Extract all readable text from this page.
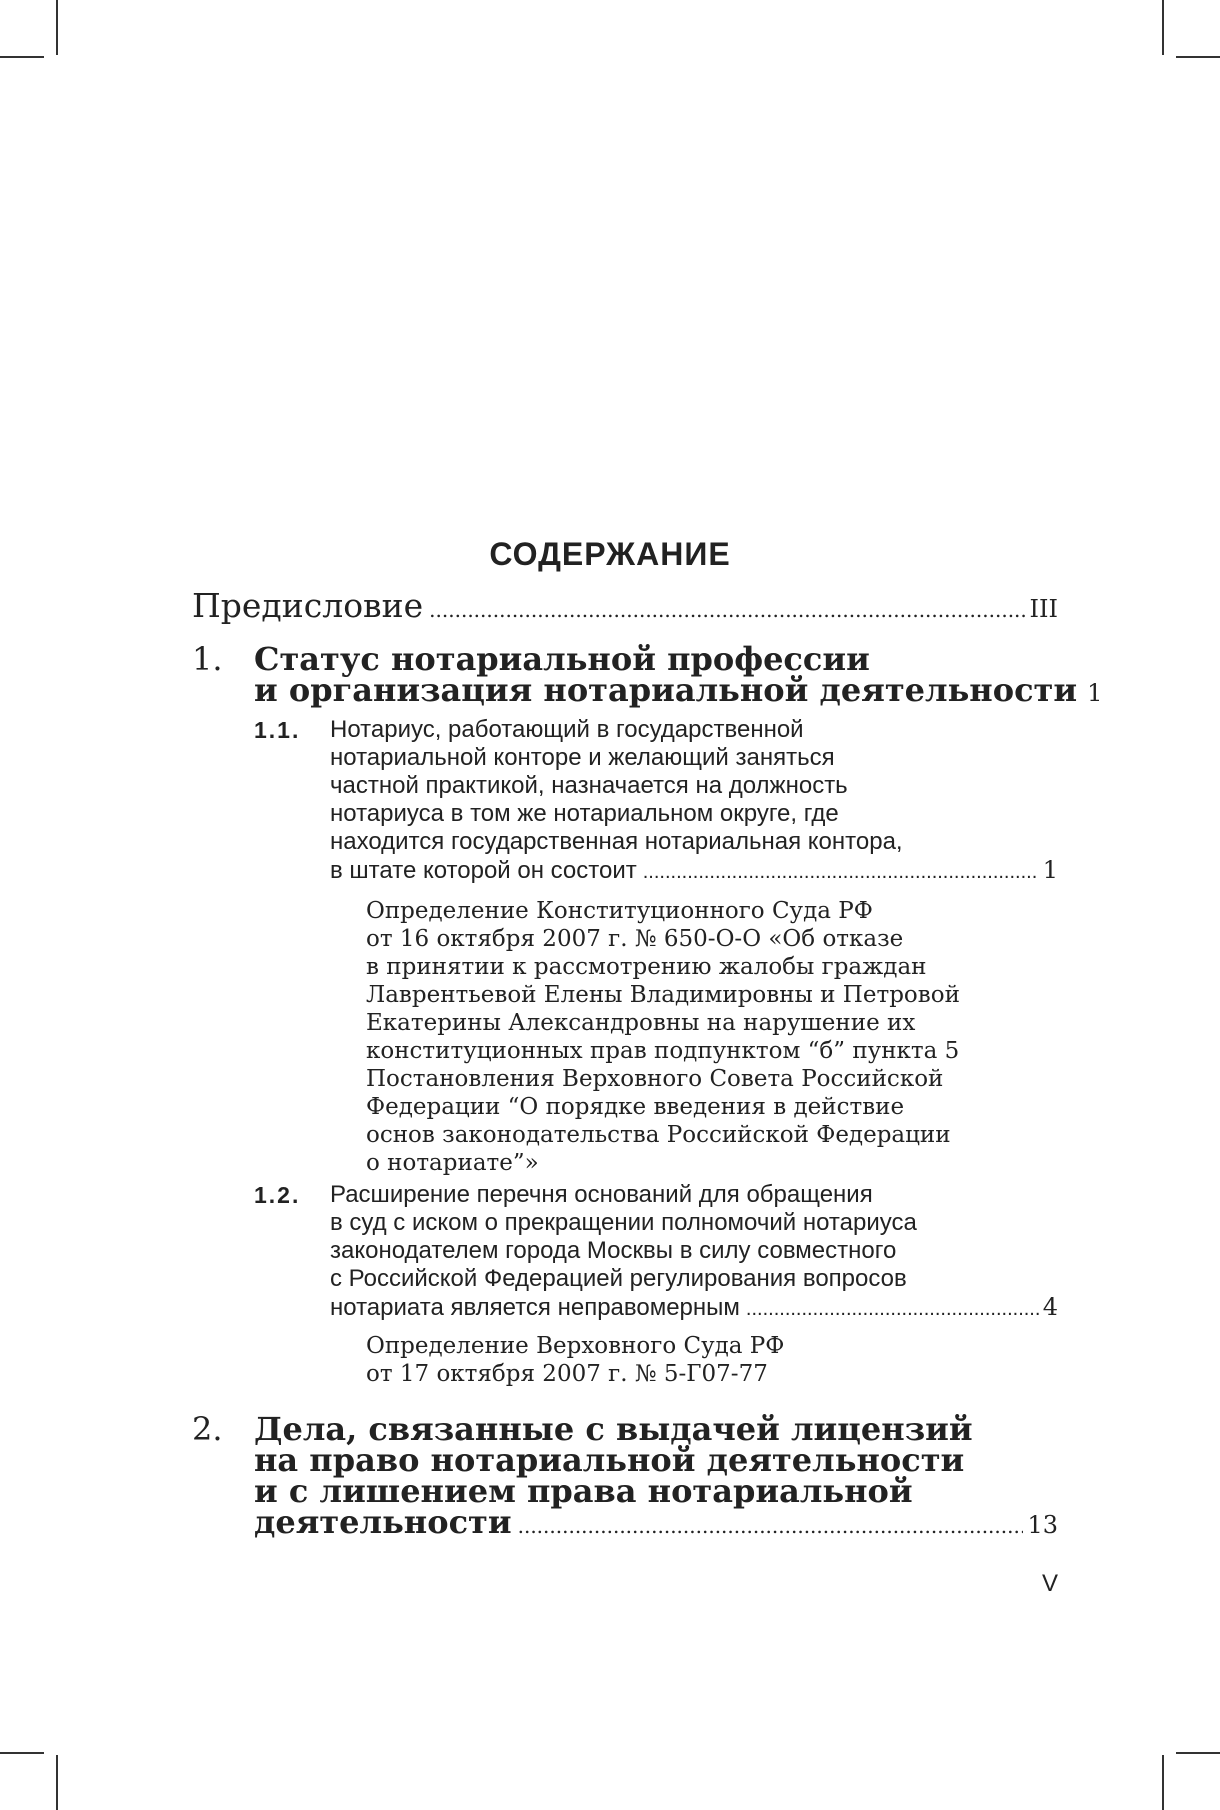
СОДЕРЖАНИЕ
Предисловие .....	III
1. Статус нотариальной профессии
и организация нотариальной деятельности 1
1.1. Нотариус, работающий в государственной
нотариальной конторе и желающий заняться
частной практикой, назначается на должность
нотариуса в том же нотариальном округе, где
находится государственная нотариальная контора,
в штате которой он состоит .....	1
Определение Конституционного Суда РФ
от 16 октября 2007 г. № 650-О-О «Об отказе
в принятии к рассмотрению жалобы граждан
Лаврентьевой Елены Владимировны и Петровой
Екатерины Александровны на нарушение их
конституционных прав подпунктом “б” пункта 5
Постановления Верховного Совета Российской
Федерации “О порядке введения в действие
основ законодательства Российской Федерации
о нотариате”»
1.2. Расширение перечня оснований для обращения
в суд с иском о прекращении полномочий нотариуса
законодателем города Москвы в силу совместного
с Российской Федерацией регулирования вопросов
нотариата является неправомерным .....	4
Определение Верховного Суда РФ
от 17 октября 2007 г. № 5-Г07-77
2. Дела, связанные с выдачей лицензий
на право нотариальной деятельности
и с лишением права нотариальной
деятельности .....	13
V
